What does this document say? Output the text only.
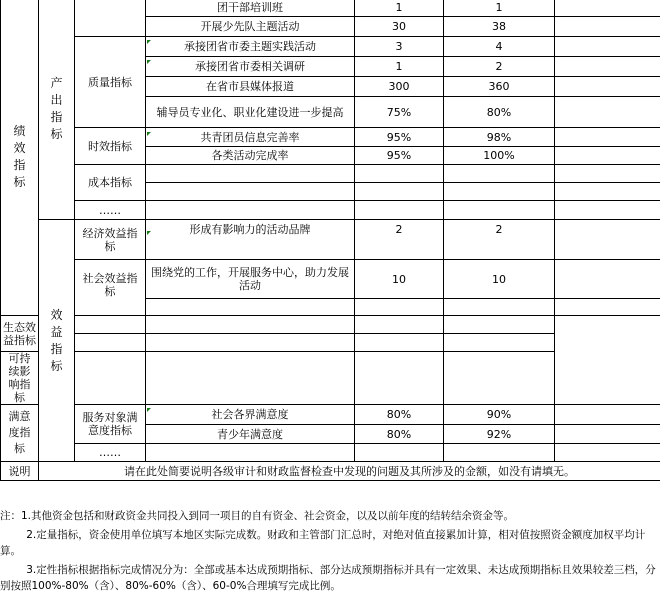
绩效指标	产出指标		团干部培训班	1	1	
			开展少先队主题活动	30	38	
		质量指标	承接团省市委主题实践活动	3	4	
			承接团省市委相关调研	1	2	
			在省市县媒体报道	300	360	
			辅导员专业化、职业化建设进一步提高	75%	80%	
		时效指标	共青团员信息完善率	95%	98%	
			各类活动完成率	95%	100%	
		成本指标				

		……				
	效益指标	经济效益指标	形成有影响力的活动品牌	2	2	
		社会效益指标	围绕党的工作，开展服务中心，助力发展活动	10	10	

生态效益指标						

可持续影响指标						
满意度指标		服务对象满意度指标	社会各界满意度	80%	90%	
			青少年满意度	80%	92%	
		……				
说明	请在此处简要说明各级审计和财政监督检查中发现的问题及其所涉及的金额，如没有请填无。					

注：1.其他资金包括和财政资金共同投入到同一项目的自有资金、社会资金，以及以前年度的结转结余资金等。

2.定量指标，资金使用单位填写本地区实际完成数。财政和主管部门汇总时，对绝对值直接累加计算，相对值按照资金额度加权平均计算。

3.定性指标根据指标完成情况分为：全部或基本达成预期指标、部分达成预期指标并具有一定效果、未达成预期指标且效果较差三档，分别按照100%-80%（含）、80%-60%（含）、60-0%合理填写完成比例。
